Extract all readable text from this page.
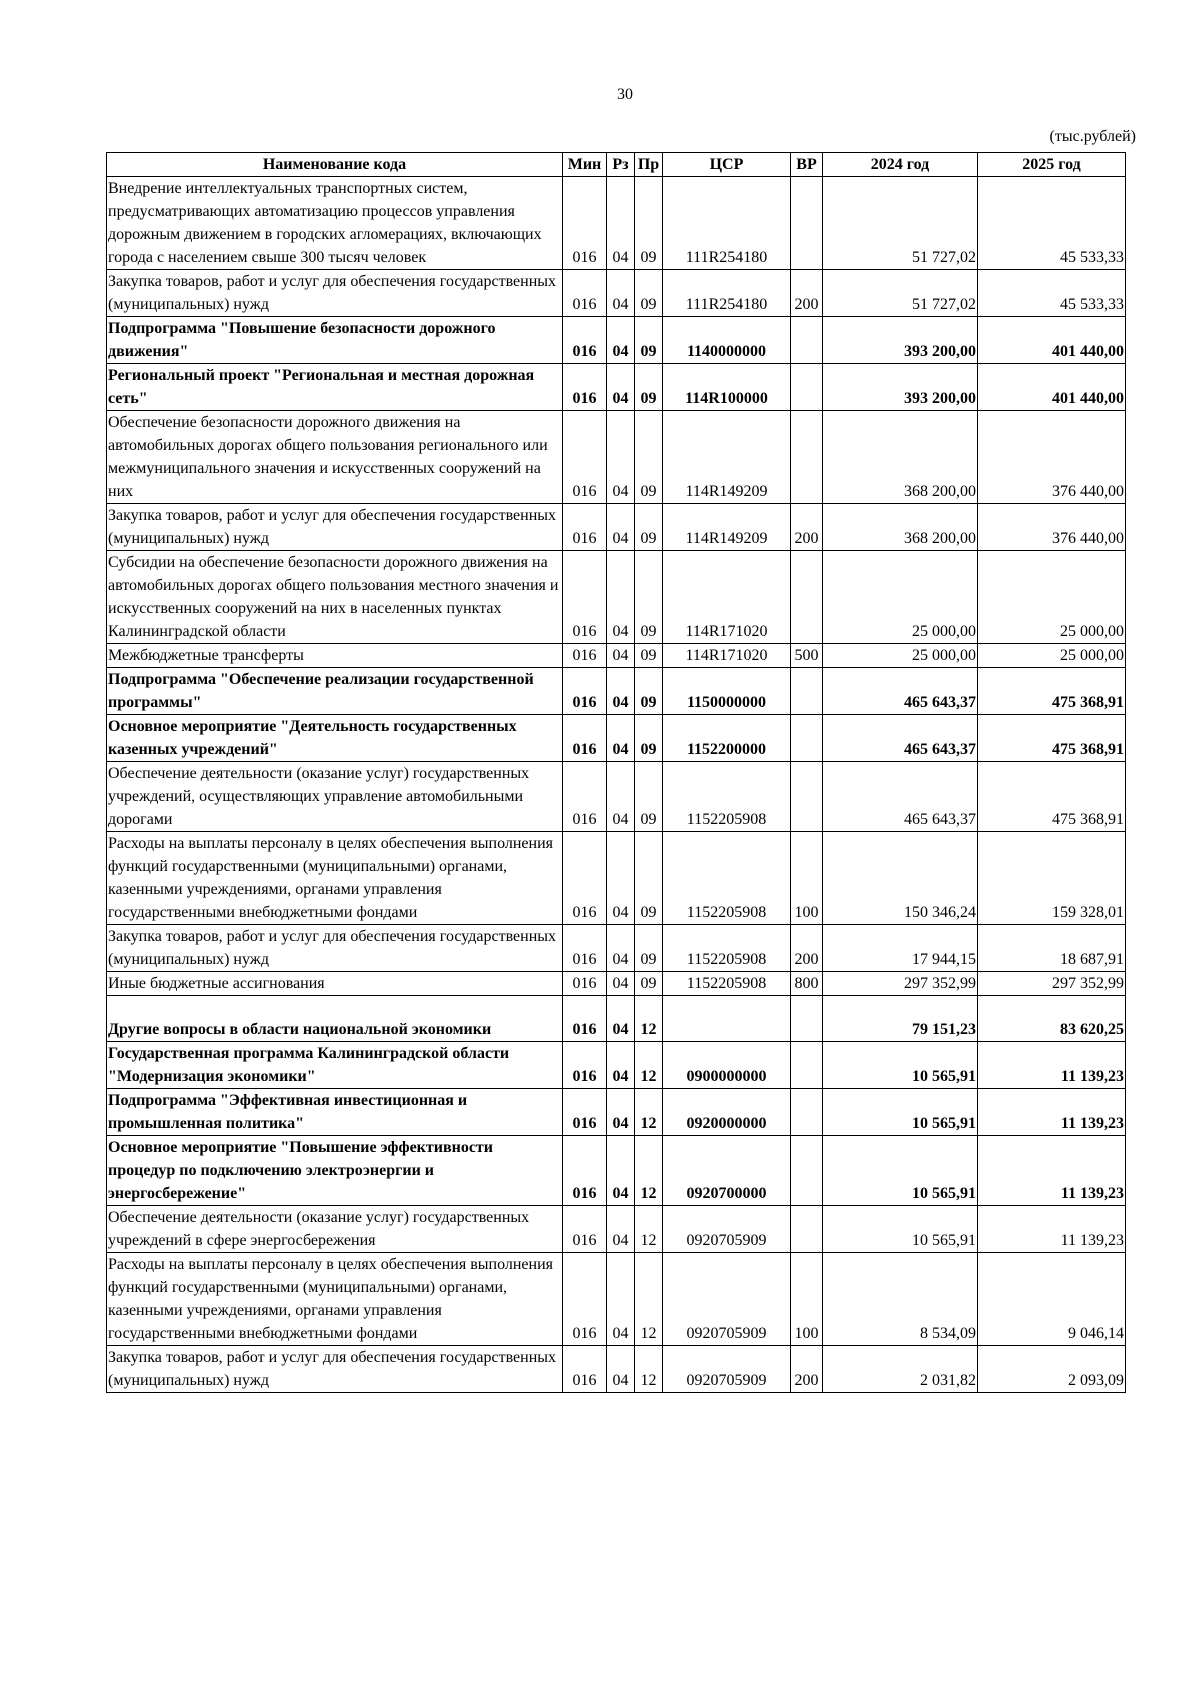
30
(тыс.рублей)
Наименование кода	Мин	Рз	Пр	ЦСР	ВР	2024 год	2025 год
Внедрение интеллектуальных транспортных систем, предусматривающих автоматизацию процессов управления дорожным движением в городских агломерациях, включающих города с населением свыше 300 тысяч человек	016	04	09	111R254180		51 727,02	45 533,33
Закупка товаров, работ и услуг для обеспечения государственных (муниципальных) нужд	016	04	09	111R254180	200	51 727,02	45 533,33
Подпрограмма "Повышение безопасности дорожного движения"	016	04	09	1140000000		393 200,00	401 440,00
Региональный проект "Региональная и местная дорожная сеть"	016	04	09	114R100000		393 200,00	401 440,00
Обеспечение безопасности дорожного движения на автомобильных дорогах общего пользования регионального или межмуниципального значения и искусственных сооружений на них	016	04	09	114R149209		368 200,00	376 440,00
Закупка товаров, работ и услуг для обеспечения государственных (муниципальных) нужд	016	04	09	114R149209	200	368 200,00	376 440,00
Субсидии на обеспечение безопасности дорожного движения на автомобильных дорогах общего пользования местного значения и искусственных сооружений на них в населенных пунктах Калининградской области	016	04	09	114R171020		25 000,00	25 000,00
Межбюджетные трансферты	016	04	09	114R171020	500	25 000,00	25 000,00
Подпрограмма "Обеспечение реализации государственной программы"	016	04	09	1150000000		465 643,37	475 368,91
Основное мероприятие "Деятельность государственных казенных учреждений"	016	04	09	1152200000		465 643,37	475 368,91
Обеспечение деятельности (оказание услуг) государственных учреждений, осуществляющих управление автомобильными дорогами	016	04	09	1152205908		465 643,37	475 368,91
Расходы на выплаты персоналу в целях обеспечения выполнения функций государственными (муниципальными) органами, казенными учреждениями, органами управления государственными внебюджетными фондами	016	04	09	1152205908	100	150 346,24	159 328,01
Закупка товаров, работ и услуг для обеспечения государственных (муниципальных) нужд	016	04	09	1152205908	200	17 944,15	18 687,91
Иные бюджетные ассигнования	016	04	09	1152205908	800	297 352,99	297 352,99
Другие вопросы в области национальной экономики	016	04	12			79 151,23	83 620,25
Государственная программа Калининградской области "Модернизация экономики"	016	04	12	0900000000		10 565,91	11 139,23
Подпрограмма "Эффективная инвестиционная и промышленная политика"	016	04	12	0920000000		10 565,91	11 139,23
Основное мероприятие "Повышение эффективности процедур по подключению электроэнергии и энергосбережение"	016	04	12	0920700000		10 565,91	11 139,23
Обеспечение деятельности (оказание услуг) государственных учреждений в сфере энергосбережения	016	04	12	0920705909		10 565,91	11 139,23
Расходы на выплаты персоналу в целях обеспечения выполнения функций государственными (муниципальными) органами, казенными учреждениями, органами управления государственными внебюджетными фондами	016	04	12	0920705909	100	8 534,09	9 046,14
Закупка товаров, работ и услуг для обеспечения государственных (муниципальных) нужд	016	04	12	0920705909	200	2 031,82	2 093,09
